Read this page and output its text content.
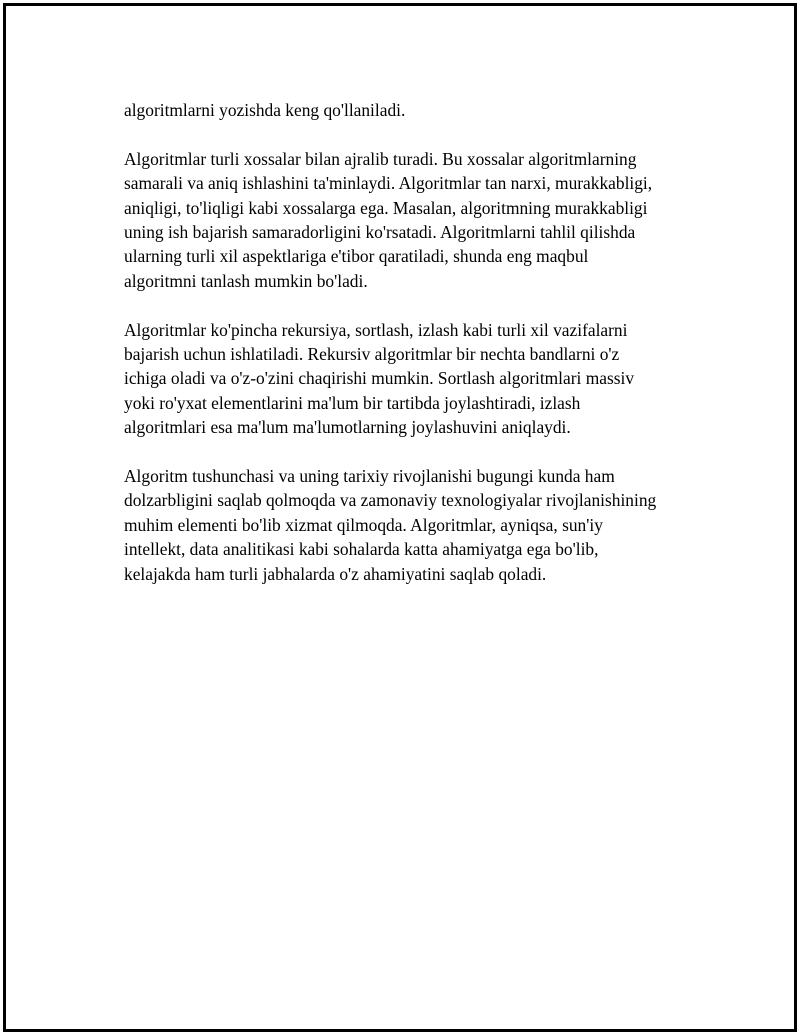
algoritmlarni yozishda keng qo'llaniladi.

Algoritmlar turli xossalar bilan ajralib turadi. Bu xossalar algoritmlarning
samarali va aniq ishlashini ta'minlaydi. Algoritmlar tan narxi, murakkabligi,
aniqligi, to'liqligi kabi xossalarga ega. Masalan, algoritmning murakkabligi
uning ish bajarish samaradorligini ko'rsatadi. Algoritmlarni tahlil qilishda
ularning turli xil aspektlariga e'tibor qaratiladi, shunda eng maqbul
algoritmni tanlash mumkin bo'ladi.

Algoritmlar ko'pincha rekursiya, sortlash, izlash kabi turli xil vazifalarni
bajarish uchun ishlatiladi. Rekursiv algoritmlar bir nechta bandlarni o'z
ichiga oladi va o'z-o'zini chaqirishi mumkin. Sortlash algoritmlari massiv
yoki ro'yxat elementlarini ma'lum bir tartibda joylashtiradi, izlash
algoritmlari esa ma'lum ma'lumotlarning joylashuvini aniqlaydi.

Algoritm tushunchasi va uning tarixiy rivojlanishi bugungi kunda ham
dolzarbligini saqlab qolmoqda va zamonaviy texnologiyalar rivojlanishining
muhim elementi bo'lib xizmat qilmoqda. Algoritmlar, ayniqsa, sun'iy
intellekt, data analitikasi kabi sohalarda katta ahamiyatga ega bo'lib,
kelajakda ham turli jabhalarda o'z ahamiyatini saqlab qoladi.
